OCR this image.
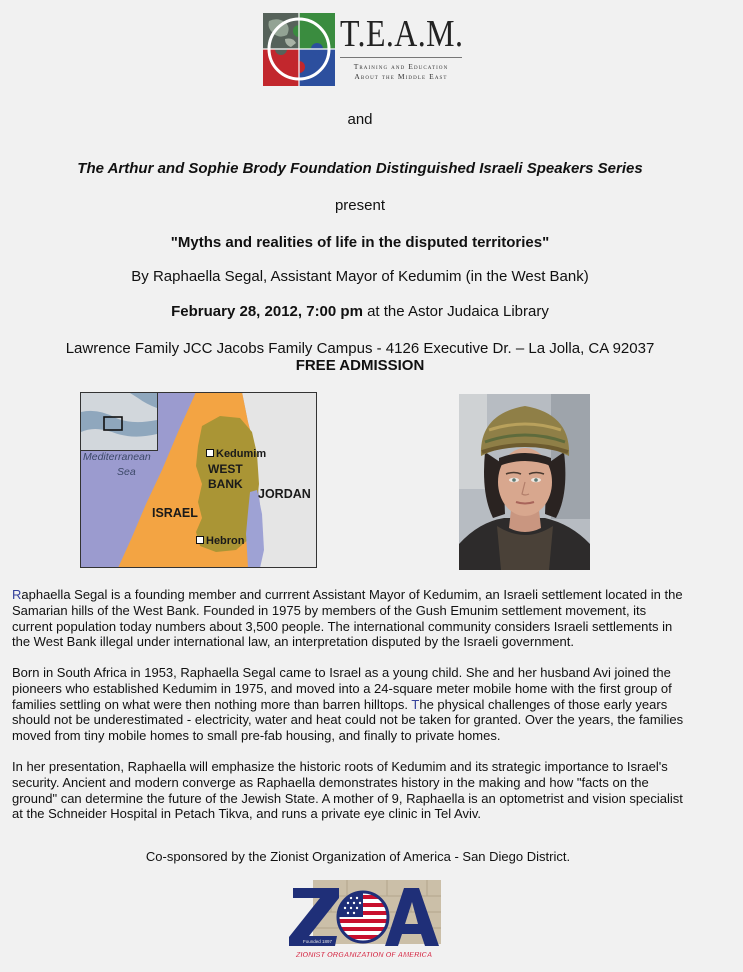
T.E.A.M.
Training and Education
About the Middle East
and
The Arthur and Sophie Brody Foundation Distinguished Israeli Speakers Series
present
"Myths and realities of life in the disputed territories"
By Raphaella Segal, Assistant Mayor of Kedumim (in the West Bank)
February 28, 2012, 7:00 pm at the Astor Judaica Library
Lawrence Family JCC Jacobs Family Campus - 4126 Executive Dr. – La Jolla, CA 92037
FREE ADMISSION
Mediterranean
Sea
Kedumim
WEST
BANK
JORDAN
ISRAEL
Hebron
Raphaella Segal is a founding member and currrent Assistant Mayor of Kedumim, an Israeli settlement located in the
Samarian hills of the West Bank. Founded in 1975 by members of the Gush Emunim settlement movement, its
current population today numbers about 3,500 people. The international community considers Israeli settlements in
the West Bank illegal under international law, an interpretation disputed by the Israeli government.
Born in South Africa in 1953, Raphaella Segal came to Israel as a young child. She and her husband Avi joined the
pioneers who established Kedumim in 1975, and moved into a 24-square meter mobile home with the first group of
families settling on what were then nothing more than barren hilltops. The physical challenges of those early years
should not be underestimated - electricity, water and heat could not be taken for granted. Over the years, the families
moved from tiny mobile homes to small pre-fab housing, and finally to private homes.
In her presentation, Raphaella will emphasize the historic roots of Kedumim and its strategic importance to Israel's
security. Ancient and modern converge as Raphaella demonstrates history in the making and how "facts on the
ground" can determine the future of the Jewish State. A mother of 9, Raphaella is an optometrist and vision specialist
at the Schneider Hospital in Petach Tikva, and runs a private eye clinic in Tel Aviv.
Co-sponsored by the Zionist Organization of America - San Diego District.
Founded 1897
ZIONIST ORGANIZATION OF AMERICA
